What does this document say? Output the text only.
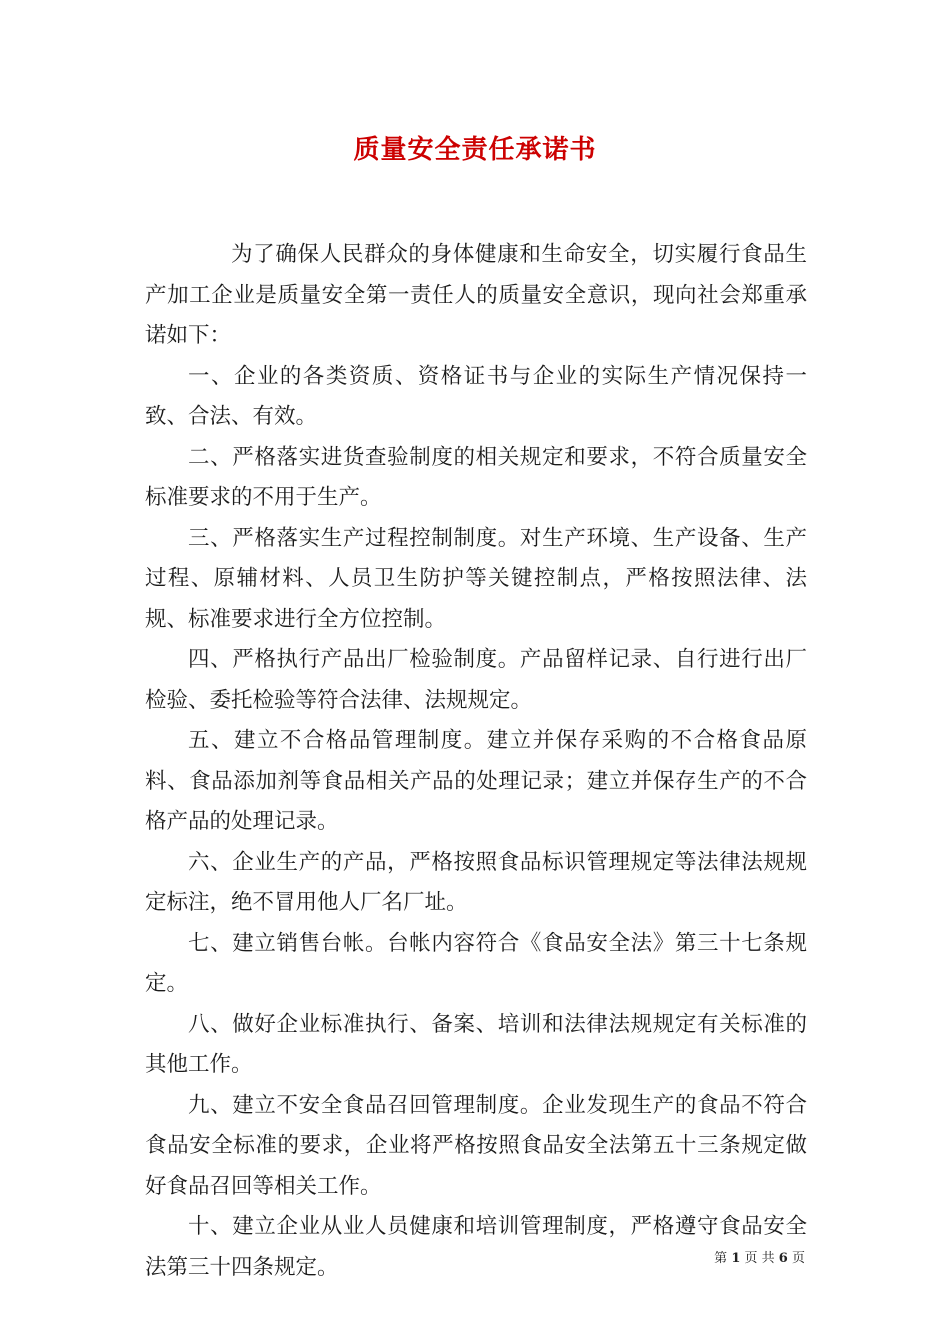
质量安全责任承诺书

为了确保人民群众的身体健康和生命安全，切实履行食品生产加工企业是质量安全第一责任人的质量安全意识，现向社会郑重承诺如下：

一、企业的各类资质、资格证书与企业的实际生产情况保持一致、合法、有效。

二、严格落实进货查验制度的相关规定和要求，不符合质量安全标准要求的不用于生产。

三、严格落实生产过程控制制度。对生产环境、生产设备、生产过程、原辅材料、人员卫生防护等关键控制点，严格按照法律、法规、标准要求进行全方位控制。

四、严格执行产品出厂检验制度。产品留样记录、自行进行出厂检验、委托检验等符合法律、法规规定。

五、建立不合格品管理制度。建立并保存采购的不合格食品原料、食品添加剂等食品相关产品的处理记录；建立并保存生产的不合格产品的处理记录。

六、企业生产的产品，严格按照食品标识管理规定等法律法规规定标注，绝不冒用他人厂名厂址。

七、建立销售台帐。台帐内容符合《食品安全法》第三十七条规定。

八、做好企业标准执行、备案、培训和法律法规规定有关标准的其他工作。

九、建立不安全食品召回管理制度。企业发现生产的食品不符合食品安全标准的要求，企业将严格按照食品安全法第五十三条规定做好食品召回等相关工作。

十、建立企业从业人员健康和培训管理制度，严格遵守食品安全法第三十四条规定。	第 1 页 共 6 页
